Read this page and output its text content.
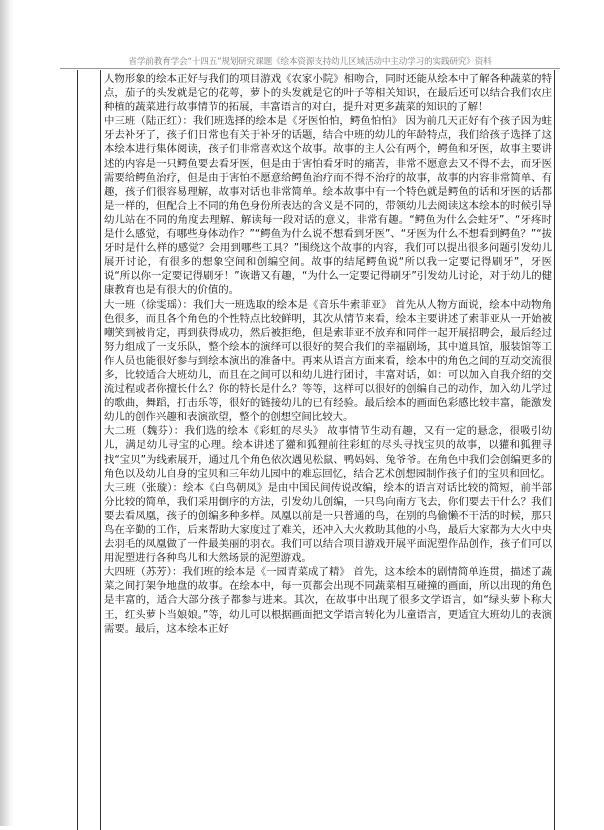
省学前教育学会“十四五”规划研究课题《绘本资源支持幼儿区域活动中主动学习的实践研究》资料

人物形象的绘本正好与我们的项目游戏《农家小院》相吻合，同时还能从绘本中了解各种蔬菜的特点，茄子的头发就是它的花萼，萝卜的头发就是它的叶子等相关知识，在最后还可以结合我们农庄种植的蔬菜进行故事情节的拓展，丰富语言的对白，提升对更多蔬菜的知识的了解！

中三班（陆正红）：我们班选择的绘本是《牙医怕怕，鳄鱼怕怕》 因为前几天正好有个孩子因为蛀牙去补牙了，孩子们日常也有关于补牙的话题，结合中班的幼儿的年龄特点，我们给孩子选择了这本绘本进行集体阅读，孩子们非常喜欢这个故事。故事的主人公有两个，鳄鱼和牙医，故事主要讲述的内容是一只鳄鱼要去看牙医，但是由于害怕看牙时的痛苦，非常不愿意去又不得不去，而牙医需要给鳄鱼治疗，但是由于害怕不愿意给鳄鱼治疗而不得不治疗的故事，故事的内容非常简单、有趣，孩子们很容易理解，故事对话也非常简单。绘本故事中有一个特色就是鳄鱼的话和牙医的话都是一样的，但配合上不同的角色身份所表达的含义是不同的，带领幼儿去阅读这本绘本的时候引导幼儿站在不同的角度去理解、解读每一段对话的意义，非常有趣。“鳄鱼为什么会蛀牙”、“牙疼时是什么感觉，有哪些身体动作？”“鳄鱼为什么说不想看到牙医”、“牙医为什么不想看到鳄鱼？”“拔牙时是什么样的感觉？会用到哪些工具？”围绕这个故事的内容，我们可以提出很多问题引发幼儿展开讨论，有很多的想象空间和创编空间。故事的结尾鳄鱼说“所以我一定要记得刷牙”，牙医说“所以你一定要记得刷牙！”诙谐又有趣，“为什么一定要记得刷牙”引发幼儿讨论，对于幼儿的健康教育也是有很大的价值的。

大一班（徐雯瑶）：我们大一班选取的绘本是《音乐牛索菲亚》 首先从人物方面说，绘本中动物角色很多，而且各个角色的个性特点比较鲜明，其次从情节来看，绘本主要讲述了索菲亚从一开始被嘲笑到被肯定，再到获得成功，然后被拒绝，但是索菲亚不放弃和同伴一起开展招聘会，最后经过努力组成了一支乐队，整个绘本的演绎可以很好的契合我们的幸福剧场，其中道具馆，服装馆等工作人员也能很好参与到绘本演出的准备中。再来从语言方面来看，绘本中的角色之间的互动交流很多，比较适合大班幼儿，而且在之间可以和幼儿进行团讨，丰富对话，如：可以加入自我介绍的交流过程或者你擅长什么？你的特长是什么？等等，这样可以很好的创编自己的动作，加入幼儿学过的歌曲，舞蹈，打击乐等，很好的链接幼儿的已有经验。最后绘本的画面色彩感比较丰富，能激发幼儿的创作兴趣和表演欲望，整个的创想空间比较大。

大二班（魏芬）：我们选的绘本《彩虹的尽头》 故事情节生动有趣，又有一定的悬念，很吸引幼儿，满足幼儿寻宝的心理。绘本讲述了獾和狐狸前往彩虹的尽头寻找宝贝的故事，以獾和狐狸寻找“宝贝”为线索展开，通过几个角色依次遇见松鼠、鸭妈妈、兔爷爷。在角色中我们会创编更多的角色以及幼儿自身的宝贝和三年幼儿园中的难忘回忆，结合艺术创想园制作孩子们的宝贝和回忆。

大三班（张璇）：绘本《白鸟朝凤》是由中国民间传说改编，绘本的语言对话比较的简短，前半部分比较的简单，我们采用倒序的方法，引发幼儿创编，一只鸟向南方飞去，你们要去干什么？我们要去看凤凰，孩子的创编多种多样。凤凰以前是一只普通的鸟，在别的鸟偷懒不干活的时候，那只鸟在辛勤的工作，后来帮助大家度过了难关，还冲入大火救助其他的小鸟，最后大家都为大火中央去羽毛的凤凰做了一件最美丽的羽衣。我们可以结合项目游戏开展平面泥塑作品创作，孩子们可以用泥塑进行各种鸟儿和大然场景的泥塑游戏。

大四班（苏芳）：我们班的绘本是《一园青菜成了精》 首先，这本绘本的剧情简单连贯，描述了蔬菜之间打架争地盘的故事。在绘本中，每一页都会出现不同蔬菜相互碰撞的画面，所以出现的角色是丰富的，适合大部分孩子都参与进来。其次，在故事中出现了很多文学语言，如“绿头萝卜称大王，红头萝卜当娘娘。”等，幼儿可以根据画面把文学语言转化为儿童语言，更适宜大班幼儿的表演需要。最后，这本绘本正好
